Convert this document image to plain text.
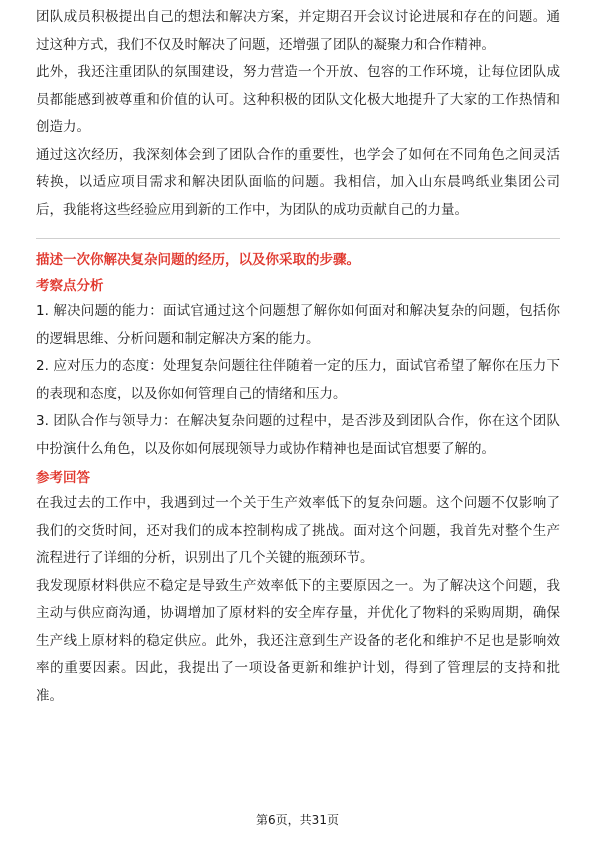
团队成员积极提出自己的想法和解决方案，并定期召开会议讨论进展和存在的问题。通过这种方式，我们不仅及时解决了问题，还增强了团队的凝聚力和合作精神。

此外，我还注重团队的氛围建设，努力营造一个开放、包容的工作环境，让每位团队成员都能感到被尊重和价值的认可。这种积极的团队文化极大地提升了大家的工作热情和创造力。

通过这次经历，我深刻体会到了团队合作的重要性，也学会了如何在不同角色之间灵活转换，以适应项目需求和解决团队面临的问题。我相信，加入山东晨鸣纸业集团公司后，我能将这些经验应用到新的工作中，为团队的成功贡献自己的力量。

描述一次你解决复杂问题的经历，以及你采取的步骤。

考察点分析

1. 解决问题的能力：面试官通过这个问题想了解你如何面对和解决复杂的问题，包括你的逻辑思维、分析问题和制定解决方案的能力。

2. 应对压力的态度：处理复杂问题往往伴随着一定的压力，面试官希望了解你在压力下的表现和态度，以及你如何管理自己的情绪和压力。

3. 团队合作与领导力：在解决复杂问题的过程中，是否涉及到团队合作，你在这个团队中扮演什么角色，以及你如何展现领导力或协作精神也是面试官想要了解的。

参考回答

在我过去的工作中，我遇到过一个关于生产效率低下的复杂问题。这个问题不仅影响了我们的交货时间，还对我们的成本控制构成了挑战。面对这个问题，我首先对整个生产流程进行了详细的分析，识别出了几个关键的瓶颈环节。

我发现原材料供应不稳定是导致生产效率低下的主要原因之一。为了解决这个问题，我主动与供应商沟通，协调增加了原材料的安全库存量，并优化了物料的采购周期，确保生产线上原材料的稳定供应。此外，我还注意到生产设备的老化和维护不足也是影响效率的重要因素。因此，我提出了一项设备更新和维护计划，得到了管理层的支持和批准。

第6页，共31页
